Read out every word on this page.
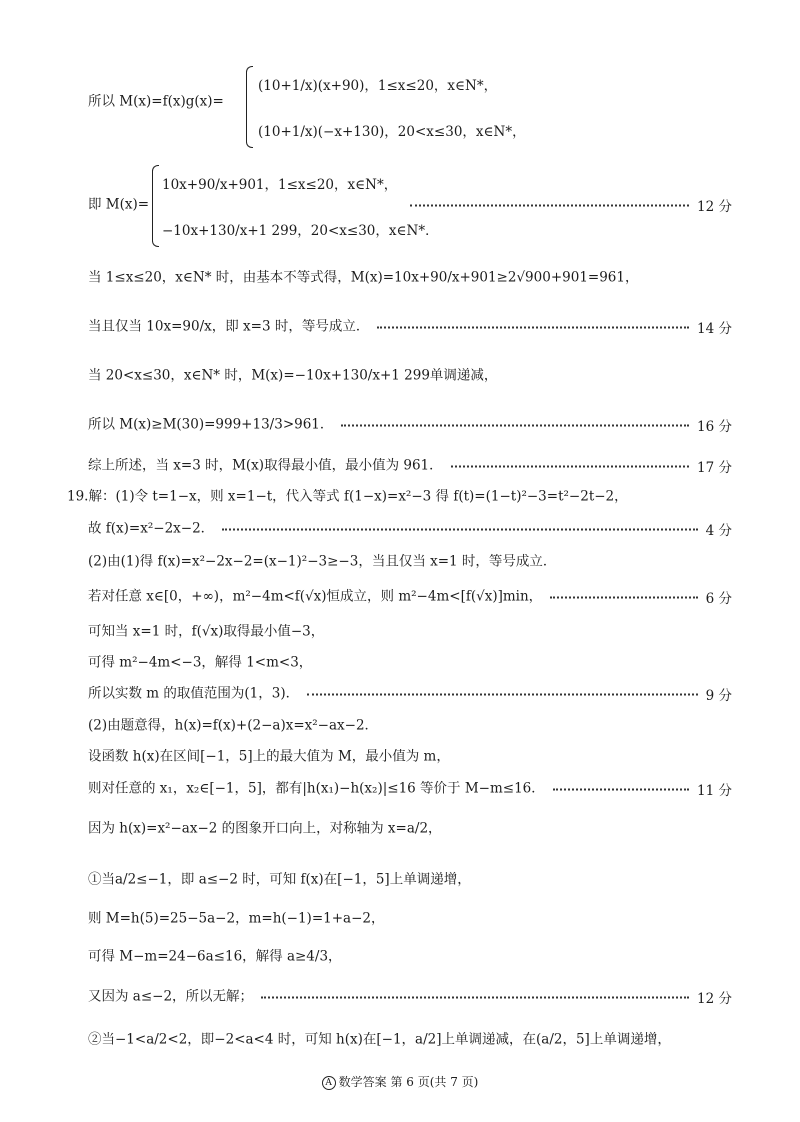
所以 M(x)=f(x)g(x)=
即 M(x)=	12 分
当 1≤x≤20，x∈N* 时，由基本不等式得，M(x)=10x+90/x+901≥2√900+901=961，
当且仅当 10x=90/x，即 x=3 时，等号成立．	14 分
当 20<x≤30，x∈N* 时，M(x)=−10x+130/x+1 299单调递减，
所以 M(x)≥M(30)=999+13/3>961．	16 分
综上所述，当 x=3 时，M(x)取得最小值，最小值为 961．	17 分
19.解：(1)令 t=1−x，则 x=1−t，代入等式 f(1−x)=x²−3 得 f(t)=(1−t)²−3=t²−2t−2，
故 f(x)=x²−2x−2．	4 分
(2)由(1)得 f(x)=x²−2x−2=(x−1)²−3≥−3，当且仅当 x=1 时，等号成立．
若对任意 x∈[0，+∞)，m²−4m<f(√x)恒成立，则 m²−4m<[f(√x)]min，	6 分
可知当 x=1 时，f(√x)取得最小值−3，
可得 m²−4m<−3，解得 1<m<3，
所以实数 m 的取值范围为(1，3)．	9 分
(2)由题意得，h(x)=f(x)+(2−a)x=x²−ax−2．
设函数 h(x)在区间[−1，5]上的最大值为 M，最小值为 m，
则对任意的 x₁，x₂∈[−1，5]，都有|h(x₁)−h(x₂)|≤16 等价于 M−m≤16．	11 分
因为 h(x)=x²−ax−2 的图象开口向上，对称轴为 x=a/2，
①当a/2≤−1，即 a≤−2 时，可知 f(x)在[−1，5]上单调递增，
则 M=h(5)=25−5a−2，m=h(−1)=1+a−2，
可得 M−m=24−6a≤16，解得 a≥4/3，
又因为 a≤−2，所以无解；	12 分
②当−1<a/2<2，即−2<a<4 时，可知 h(x)在[−1，a/2]上单调递减，在(a/2，5]上单调递增，
(10+1/x)(x+90)，1≤x≤20，x∈N*，
(10+1/x)(−x+130)，20<x≤30，x∈N*，
10x+90/x+901，1≤x≤20，x∈N*，
−10x+130/x+1 299，20<x≤30，x∈N*．
A 数学答案 第 6 页(共 7 页)
